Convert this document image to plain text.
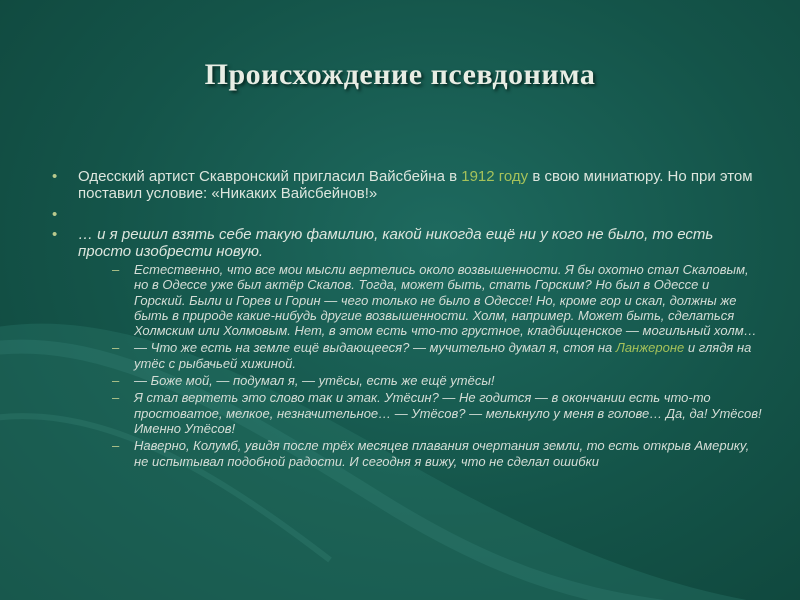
Происхождение псевдонима
• Одесский артист Скавронский пригласил Вайсбейна в 1912 году в свою миниатюру. Но при этом поставил условие: «Никаких Вайсбейнов!»
•
• … и я решил взять себе такую фамилию, какой никогда ещё ни у кого не было, то есть просто изобрести новую.
– Естественно, что все мои мысли вертелись около возвышенности. Я бы охотно стал Скаловым, но в Одессе уже был актёр Скалов. Тогда, может быть, стать Горским? Но был в Одессе и Горский. Были и Горев и Горин — чего только не было в Одессе! Но, кроме гор и скал, должны же быть в природе какие-нибудь другие возвышенности. Холм, например. Может быть, сделаться Холмским или Холмовым. Нет, в этом есть что-то грустное, кладбищенское — могильный холм…
– — Что же есть на земле ещё выдающееся? — мучительно думал я, стоя на Ланжероне и глядя на утёс с рыбачьей хижиной.
– — Боже мой, — подумал я, — утёсы, есть же ещё утёсы!
– Я стал вертеть это слово так и этак. Утёсин? — Не годится — в окончании есть что-то простоватое, мелкое, незначительное… — Утёсов? — мелькнуло у меня в голове… Да, да! Утёсов! Именно Утёсов!
– Наверно, Колумб, увидя после трёх месяцев плавания очертания земли, то есть открыв Америку, не испытывал подобной радости. И сегодня я вижу, что не сделал ошибки
